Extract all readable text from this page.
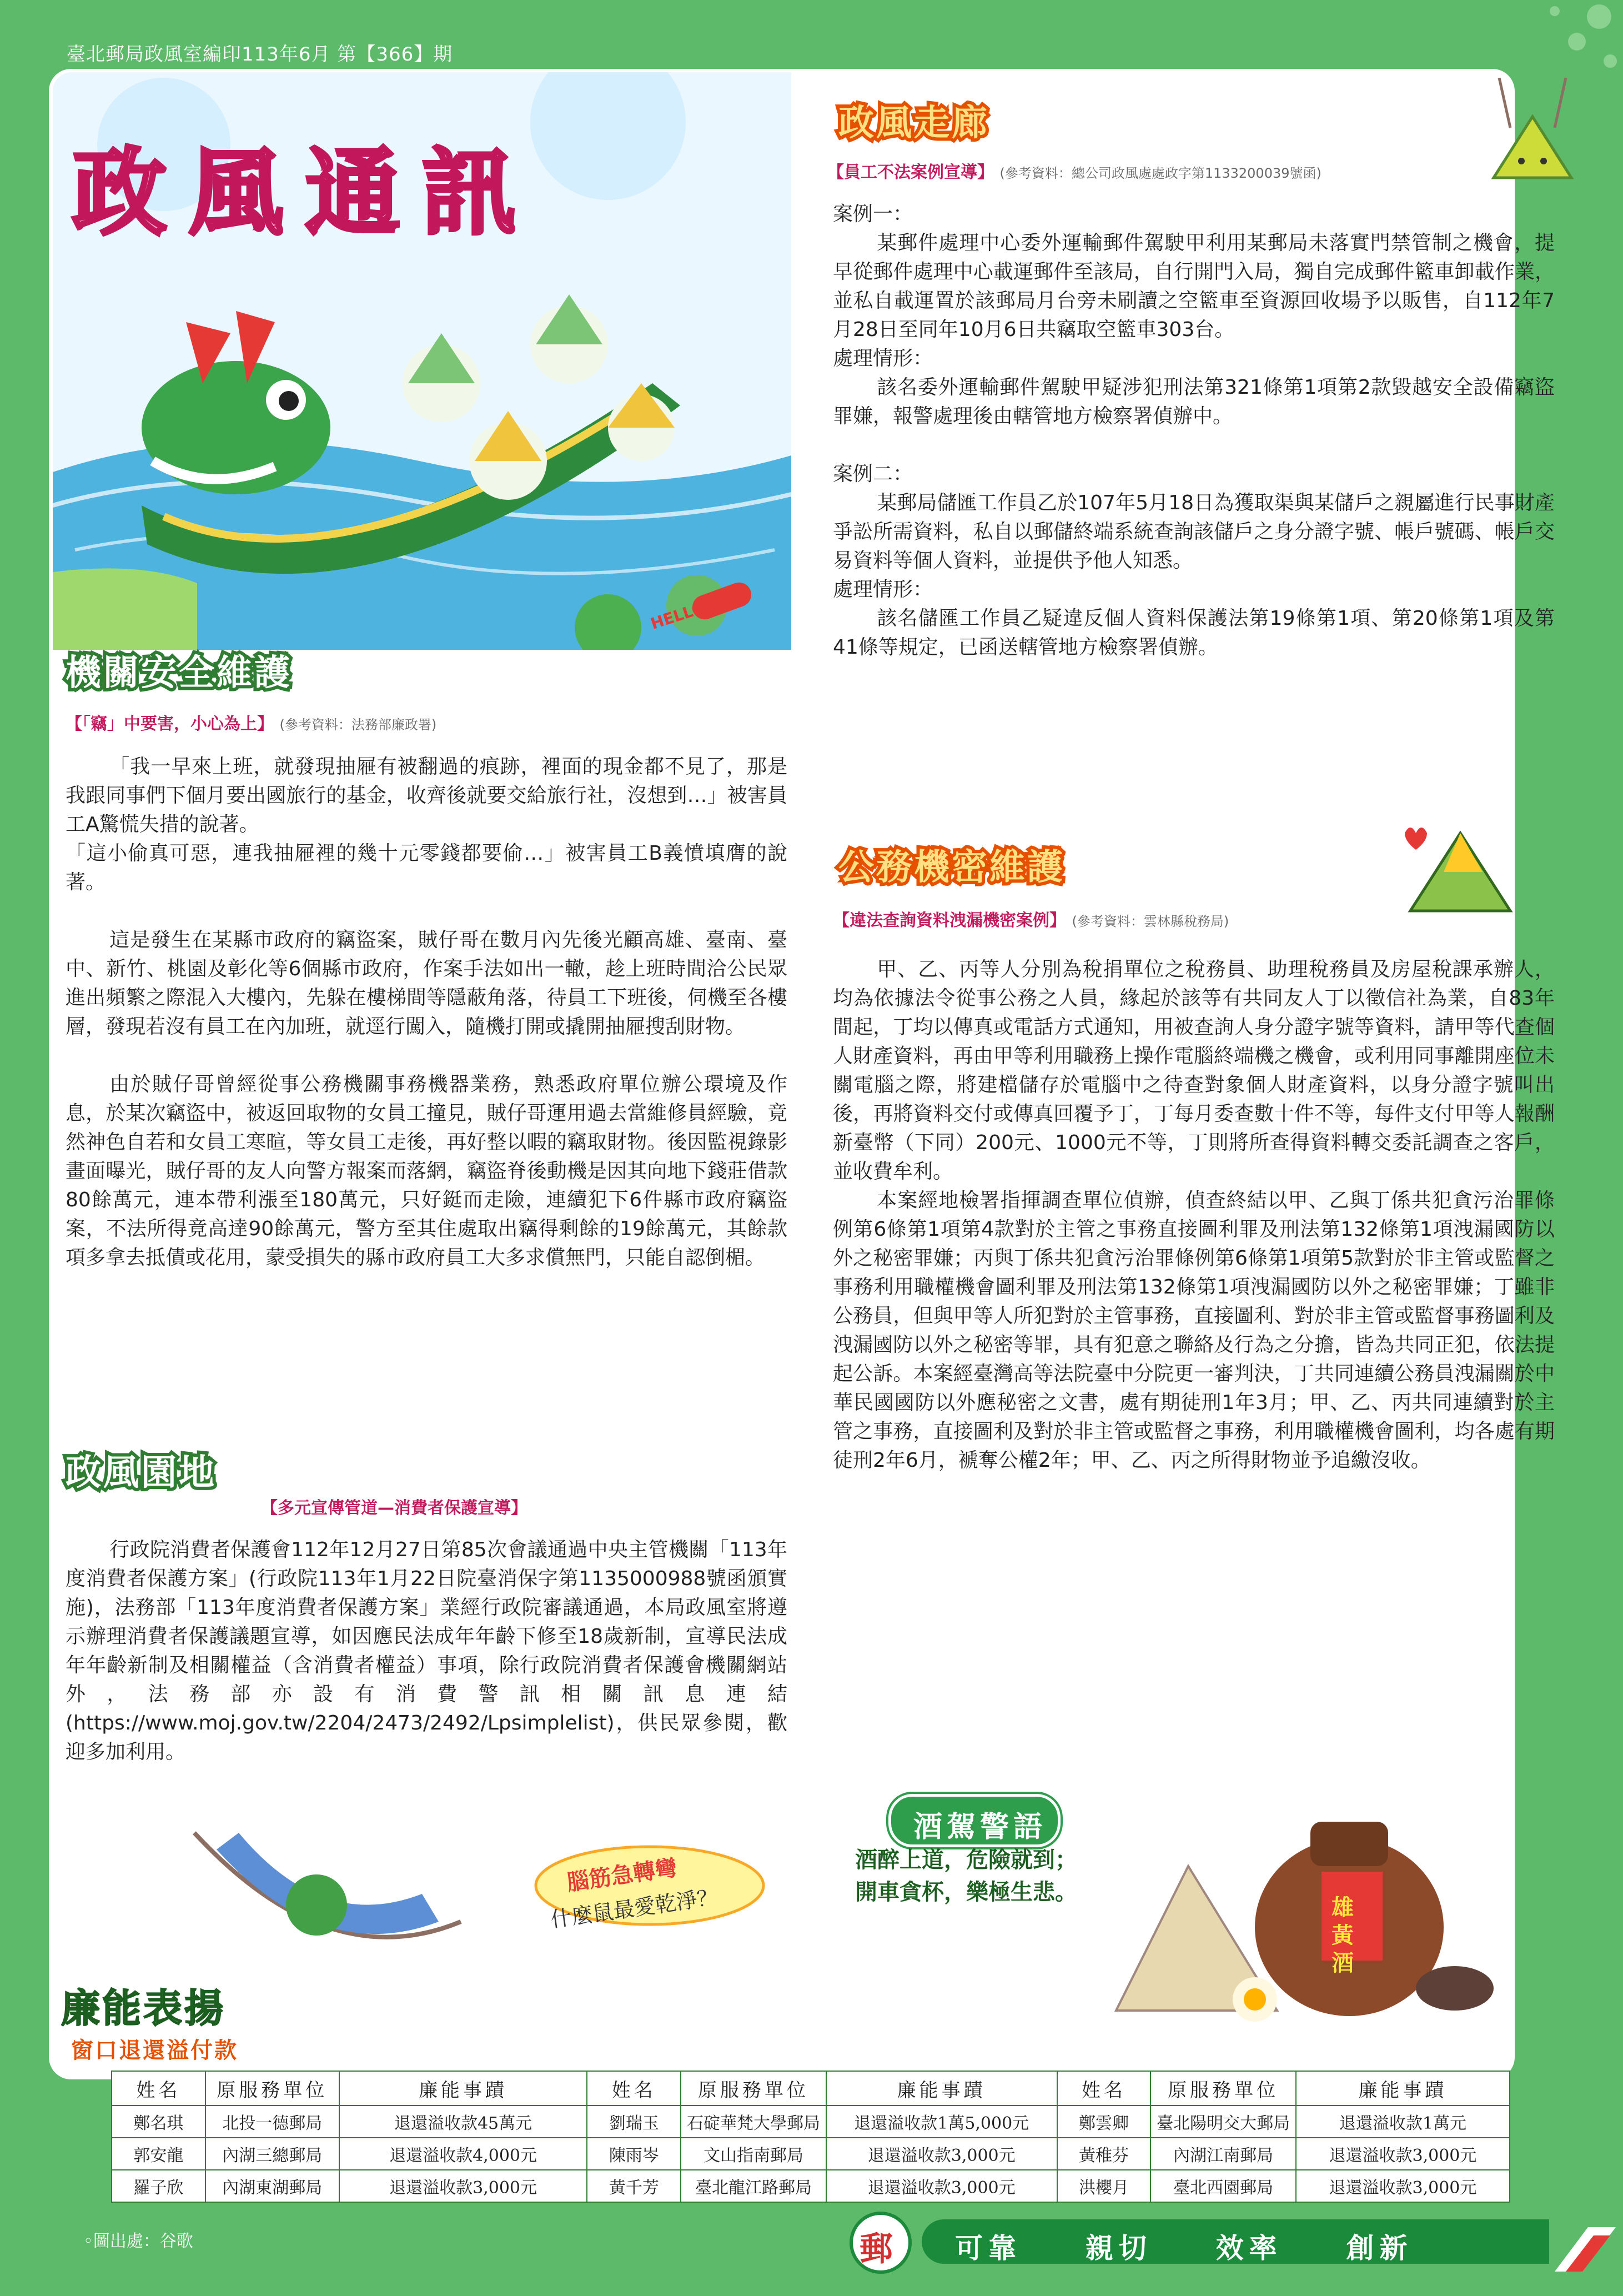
臺北郵局政風室編印113年6月 第【366】期
政風通訊
HELLO!
機關安全維護
【「竊」中要害，小心為上】 (參考資料：法務部廉政署)

「我一早來上班，就發現抽屜有被翻過的痕跡，裡面的現金都不見了，那是我跟同事們下個月要出國旅行的基金，收齊後就要交給旅行社，沒想到…」被害員工A驚慌失措的說著。

「這小偷真可惡，連我抽屜裡的幾十元零錢都要偷…」被害員工B義憤填膺的說著。

這是發生在某縣市政府的竊盜案，賊仔哥在數月內先後光顧高雄、臺南、臺中、新竹、桃園及彰化等6個縣市政府，作案手法如出一轍，趁上班時間洽公民眾進出頻繁之際混入大樓內，先躲在樓梯間等隱蔽角落，待員工下班後，伺機至各樓層，發現若沒有員工在內加班，就逕行闖入，隨機打開或撬開抽屜搜刮財物。

由於賊仔哥曾經從事公務機關事務機器業務，熟悉政府單位辦公環境及作息，於某次竊盜中，被返回取物的女員工撞見，賊仔哥運用過去當維修員經驗，竟然神色自若和女員工寒暄，等女員工走後，再好整以暇的竊取財物。後因監視錄影畫面曝光，賊仔哥的友人向警方報案而落網，竊盜脊後動機是因其向地下錢莊借款80餘萬元，連本帶利漲至180萬元，只好鋌而走險，連續犯下6件縣市政府竊盜案，不法所得竟高達90餘萬元，警方至其住處取出竊得剩餘的19餘萬元，其餘款項多拿去抵債或花用，蒙受損失的縣市政府員工大多求償無門，只能自認倒楣。

政風園地
【多元宣傳管道—消費者保護宣導】

行政院消費者保護會112年12月27日第85次會議通過中央主管機關「113年度消費者保護方案」(行政院113年1月22日院臺消保字第1135000988號函頒實施)，法務部「113年度消費者保護方案」業經行政院審議通過，本局政風室將遵示辦理消費者保護議題宣導，如因應民法成年年齡下修至18歲新制，宣導民法成年年齡新制及相關權益（含消費者權益）事項，除行政院消費者保護會機關網站外，法務部亦設有消費警訊相關訊息連結(https://www.moj.gov.tw/2204/2473/2492/Lpsimplelist)，供民眾參閱，歡迎多加利用。

腦筋急轉彎
什麼鼠最愛乾淨？
廉能表揚
窗口退還溢付款
政風走廊
【員工不法案例宣導】 (參考資料：總公司政風處處政字第1133200039號函)

案例一：

某郵件處理中心委外運輸郵件駕駛甲利用某郵局未落實門禁管制之機會，提早從郵件處理中心載運郵件至該局，自行開門入局，獨自完成郵件籃車卸載作業，並私自載運置於該郵局月台旁未刷讀之空籃車至資源回收場予以販售，自112年7月28日至同年10月6日共竊取空籃車303台。

處理情形：

該名委外運輸郵件駕駛甲疑涉犯刑法第321條第1項第2款毀越安全設備竊盜罪嫌，報警處理後由轄管地方檢察署偵辦中。

案例二：

某郵局儲匯工作員乙於107年5月18日為獲取渠與某儲戶之親屬進行民事財產爭訟所需資料，私自以郵儲終端系統查詢該儲戶之身分證字號、帳戶號碼、帳戶交易資料等個人資料，並提供予他人知悉。

處理情形：

該名儲匯工作員乙疑違反個人資料保護法第19條第1項、第20條第1項及第41條等規定，已函送轄管地方檢察署偵辦。

公務機密維護
【違法查詢資料洩漏機密案例】 (參考資料：雲林縣稅務局)

甲、乙、丙等人分別為稅捐單位之稅務員、助理稅務員及房屋稅課承辦人，均為依據法令從事公務之人員，緣起於該等有共同友人丁以徵信社為業，自83年間起，丁均以傳真或電話方式通知，用被查詢人身分證字號等資料，請甲等代查個人財產資料，再由甲等利用職務上操作電腦終端機之機會，或利用同事離開座位未關電腦之際，將建檔儲存於電腦中之待查對象個人財產資料，以身分證字號叫出後，再將資料交付或傳真回覆予丁，丁每月委查數十件不等，每件支付甲等人報酬新臺幣（下同）200元、1000元不等，丁則將所查得資料轉交委託調查之客戶，並收費牟利。

本案經地檢署指揮調查單位偵辦，偵查終結以甲、乙與丁係共犯貪污治罪條例第6條第1項第4款對於主管之事務直接圖利罪及刑法第132條第1項洩漏國防以外之秘密罪嫌；丙與丁係共犯貪污治罪條例第6條第1項第5款對於非主管或監督之事務利用職權機會圖利罪及刑法第132條第1項洩漏國防以外之秘密罪嫌；丁雖非公務員，但與甲等人所犯對於主管事務，直接圖利、對於非主管或監督事務圖利及洩漏國防以外之秘密等罪，具有犯意之聯絡及行為之分擔，皆為共同正犯，依法提起公訴。本案經臺灣高等法院臺中分院更一審判決，丁共同連續公務員洩漏關於中華民國國防以外應秘密之文書，處有期徒刑1年3月；甲、乙、丙共同連續對於主管之事務，直接圖利及對於非主管或監督之事務，利用職權機會圖利，均各處有期徒刑2年6月，褫奪公權2年；甲、乙、丙之所得財物並予追繳沒收。

雄黃酒
酒駕警語
酒醉上道，危險就到；
開車貪杯，樂極生悲。
姓名	原服務單位	廉能事蹟	姓名	原服務單位	廉能事蹟	姓名	原服務單位	廉能事蹟
鄭名琪	北投一德郵局	退還溢收款45萬元	劉瑞玉	石碇華梵大學郵局	退還溢收款1萬5,000元	鄭雲卿	臺北陽明交大郵局	退還溢收款1萬元
郭安龍	內湖三總郵局	退還溢收款4,000元	陳雨岑	文山指南郵局	退還溢收款3,000元	黃稚芬	內湖江南郵局	退還溢收款3,000元
羅子欣	內湖東湖郵局	退還溢收款3,000元	黃千芳	臺北龍江路郵局	退還溢收款3,000元	洪櫻月	臺北西園郵局	退還溢收款3,000元
◦圖出處：谷歌	郵 可靠 親切 效率 創新
